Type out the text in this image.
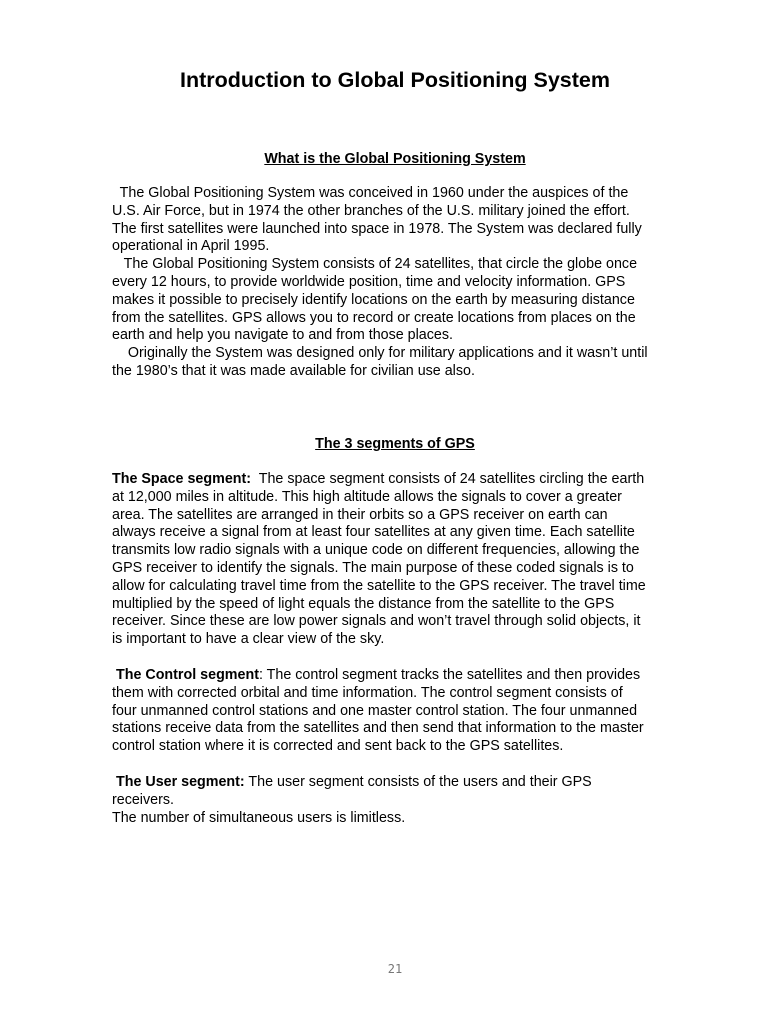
Introduction to Global Positioning System
What is the Global Positioning System
The Global Positioning System was conceived in 1960 under the auspices of the
U.S. Air Force, but in 1974 the other branches of the U.S. military joined the effort.
The first satellites were launched into space in 1978. The System was declared fully
operational in April 1995.
The Global Positioning System consists of 24 satellites, that circle the globe once
every 12 hours, to provide worldwide position, time and velocity information. GPS
makes it possible to precisely identify locations on the earth by measuring distance
from the satellites. GPS allows you to record or create locations from places on the
earth and help you navigate to and from those places.
Originally the System was designed only for military applications and it wasn’t until
the 1980’s that it was made available for civilian use also.
The 3 segments of GPS
The Space segment:  The space segment consists of 24 satellites circling the earth
at 12,000 miles in altitude. This high altitude allows the signals to cover a greater
area. The satellites are arranged in their orbits so a GPS receiver on earth can
always receive a signal from at least four satellites at any given time. Each satellite
transmits low radio signals with a unique code on different frequencies, allowing the
GPS receiver to identify the signals. The main purpose of these coded signals is to
allow for calculating travel time from the satellite to the GPS receiver. The travel time
multiplied by the speed of light equals the distance from the satellite to the GPS
receiver. Since these are low power signals and won’t travel through solid objects, it
is important to have a clear view of the sky.
The Control segment: The control segment tracks the satellites and then provides
them with corrected orbital and time information. The control segment consists of
four unmanned control stations and one master control station. The four unmanned
stations receive data from the satellites and then send that information to the master
control station where it is corrected and sent back to the GPS satellites.
The User segment: The user segment consists of the users and their GPS
receivers.
The number of simultaneous users is limitless.
21
